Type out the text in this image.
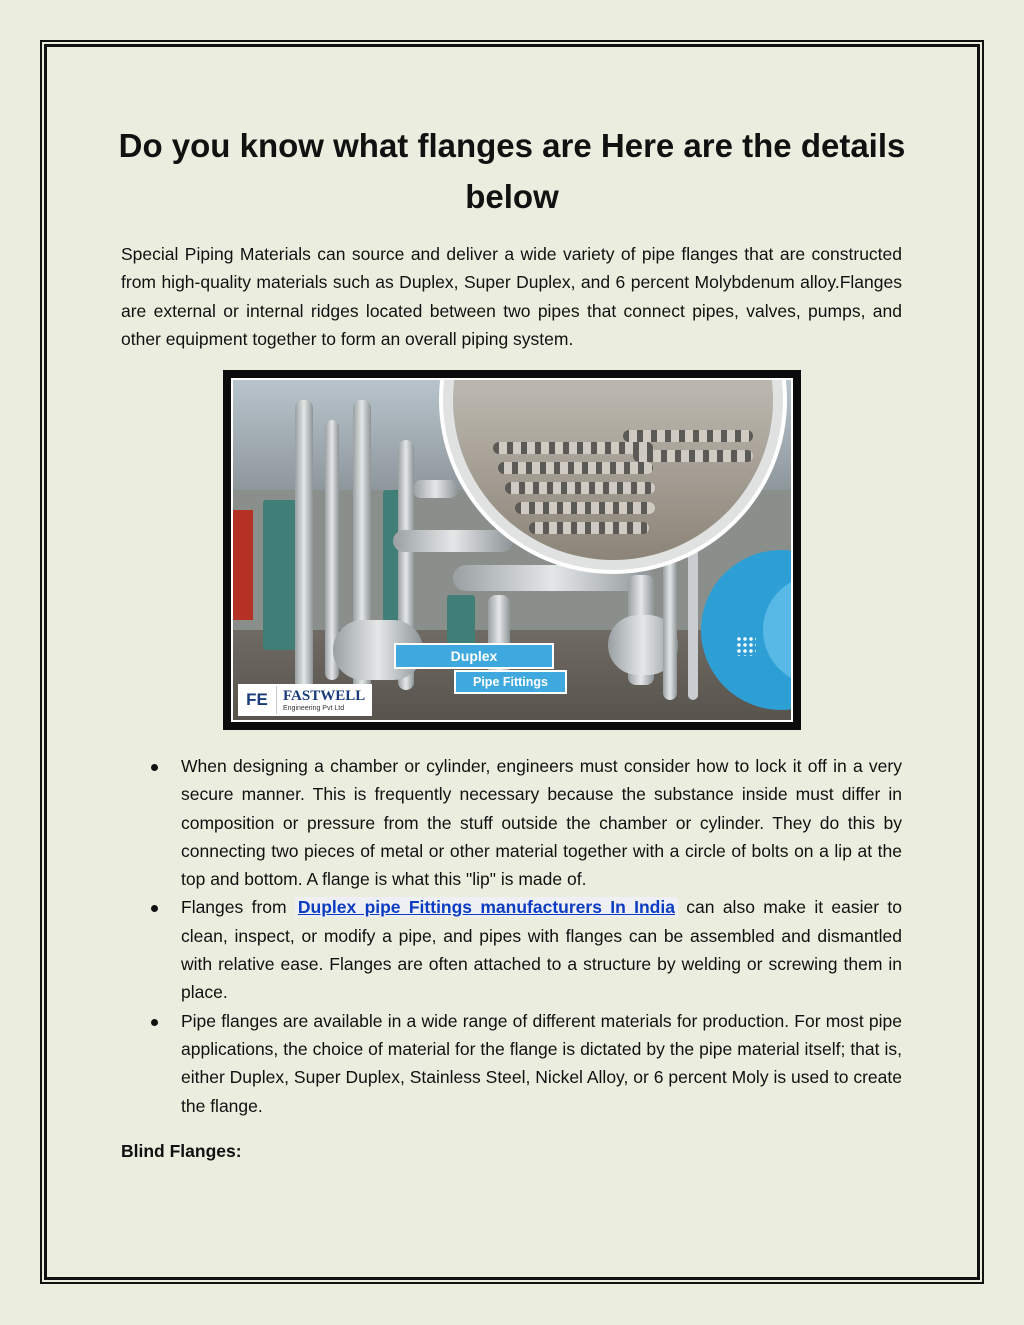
Do you know what flanges are Here are the details below
Special Piping Materials can source and deliver a wide variety of pipe flanges that are constructed from high-quality materials such as Duplex, Super Duplex, and 6 percent Molybdenum alloy.Flanges are external or internal ridges located between two pipes that connect pipes, valves, pumps, and other equipment together to form an overall piping system.
Duplex
Pipe Fittings
FE	FASTWELL
Engineering Pvt Ltd
When designing a chamber or cylinder, engineers must consider how to lock it off in a very secure manner. This is frequently necessary because the substance inside must differ in composition or pressure from the stuff outside the chamber or cylinder. They do this by connecting two pieces of metal or other material together with a circle of bolts on a lip at the top and bottom. A flange is what this "lip" is made of.
Flanges from Duplex pipe Fittings manufacturers In India can also make it easier to clean, inspect, or modify a pipe, and pipes with flanges can be assembled and dismantled with relative ease. Flanges are often attached to a structure by welding or screwing them in place.
Pipe flanges are available in a wide range of different materials for production. For most pipe applications, the choice of material for the flange is dictated by the pipe material itself; that is, either Duplex, Super Duplex, Stainless Steel, Nickel Alloy, or 6 percent Moly is used to create the flange.
Blind Flanges:
